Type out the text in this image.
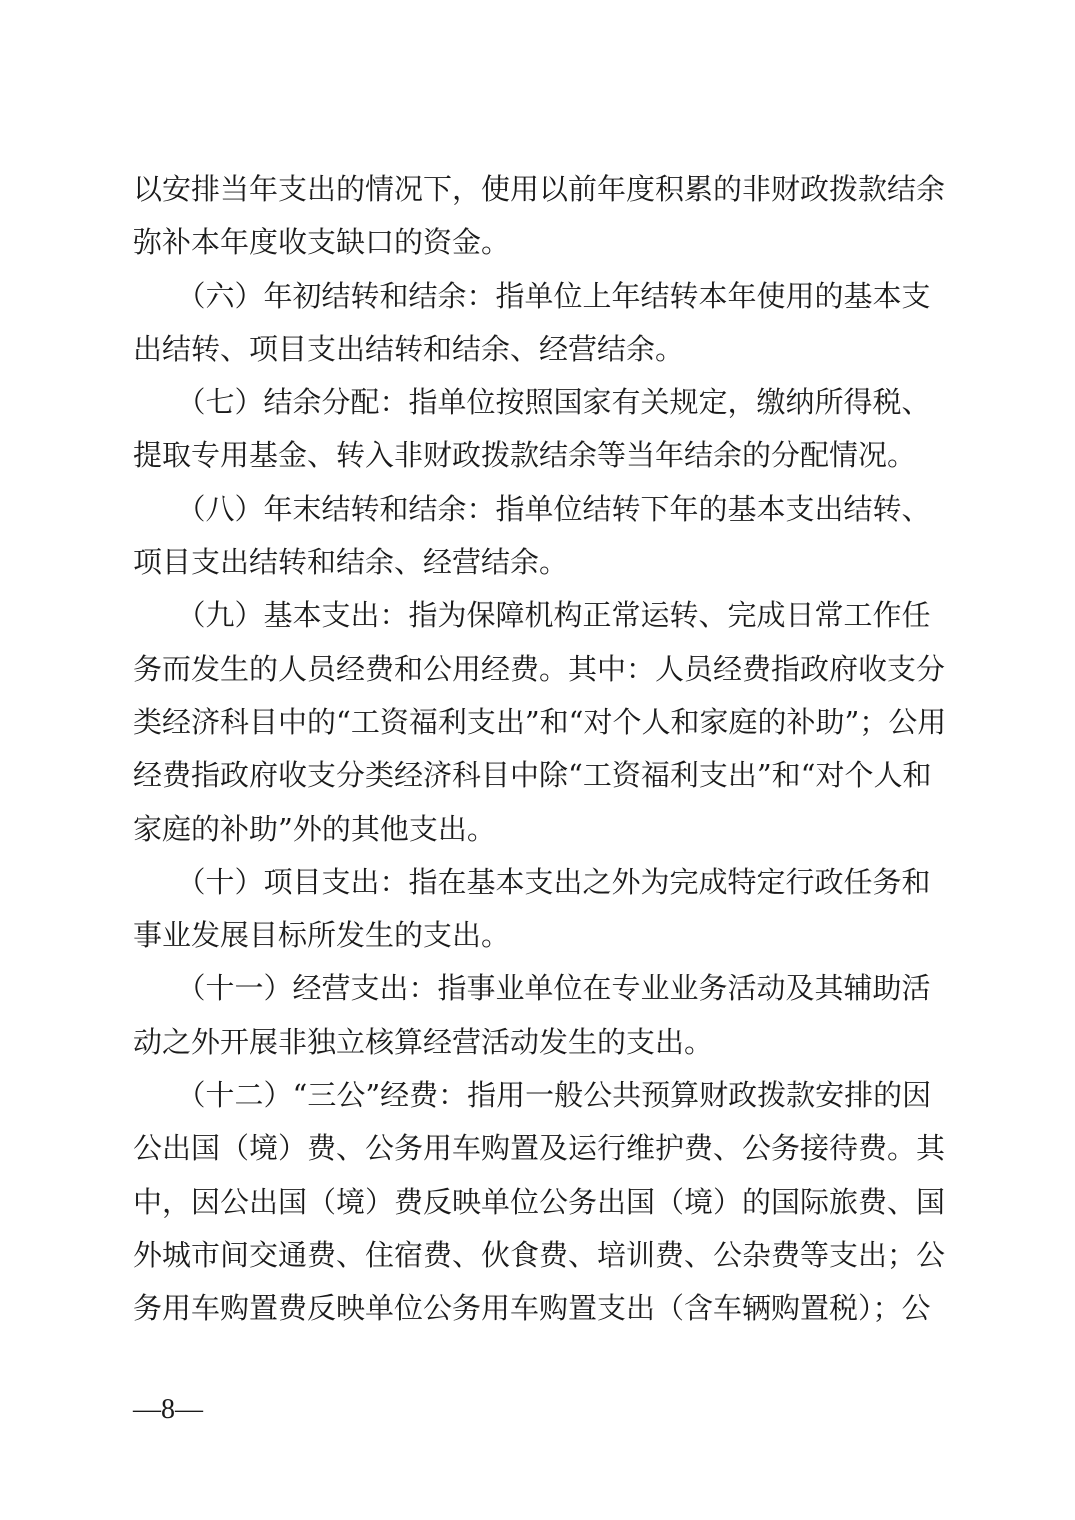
以安排当年支出的情况下，使用以前年度积累的非财政拨款结余
弥补本年度收支缺口的资金。
　　（六）年初结转和结余：指单位上年结转本年使用的基本支
出结转、项目支出结转和结余、经营结余。
　　（七）结余分配：指单位按照国家有关规定，缴纳所得税、
提取专用基金、转入非财政拨款结余等当年结余的分配情况。
　　（八）年末结转和结余：指单位结转下年的基本支出结转、
项目支出结转和结余、经营结余。
　　（九）基本支出：指为保障机构正常运转、完成日常工作任
务而发生的人员经费和公用经费。其中：人员经费指政府收支分
类经济科目中的“工资福利支出”和“对个人和家庭的补助”；公用
经费指政府收支分类经济科目中除“工资福利支出”和“对个人和
家庭的补助”外的其他支出。
　　（十）项目支出：指在基本支出之外为完成特定行政任务和
事业发展目标所发生的支出。
　　（十一）经营支出：指事业单位在专业业务活动及其辅助活
动之外开展非独立核算经营活动发生的支出。
　　（十二）“三公”经费：指用一般公共预算财政拨款安排的因
公出国（境）费、公务用车购置及运行维护费、公务接待费。其
中，因公出国（境）费反映单位公务出国（境）的国际旅费、国
外城市间交通费、住宿费、伙食费、培训费、公杂费等支出；公
务用车购置费反映单位公务用车购置支出（含车辆购置税）；公
—8—
